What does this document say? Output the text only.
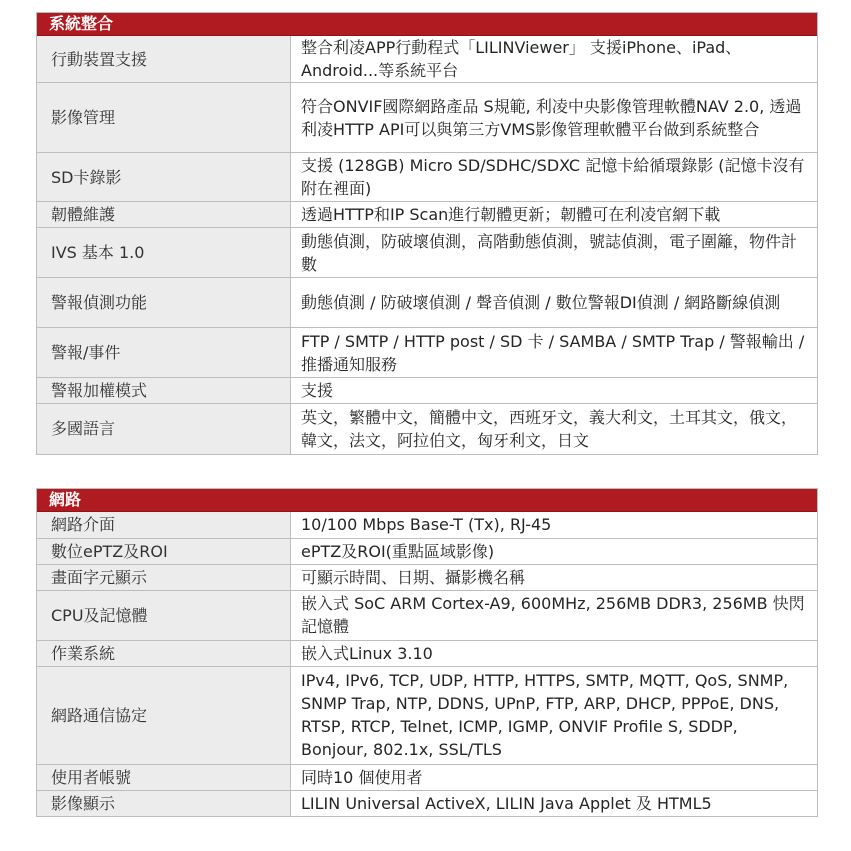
系統整合
行動裝置支援	整合利凌APP行動程式「LILINViewer」 支援iPhone、iPad、Android...等系統平台
影像管理	符合ONVIF國際網路產品 S規範, 利凌中央影像管理軟體NAV 2.0, 透過利凌HTTP API可以與第三方VMS影像管理軟體平台做到系統整合
SD卡錄影	支援 (128GB) Micro SD/SDHC/SDXC 記憶卡給循環錄影 (記憶卡沒有附在裡面)
韌體維護	透過HTTP和IP Scan進行韌體更新；韌體可在利凌官網下載
IVS 基本 1.0	動態偵測，防破壞偵測，高階動態偵測，號誌偵測，電子圍籬，物件計數
警報偵測功能	動態偵測 / 防破壞偵測 / 聲音偵測 / 數位警報DI偵測 / 網路斷線偵測
警報/事件	FTP / SMTP / HTTP post / SD 卡 / SAMBA / SMTP Trap / 警報輸出 / 推播通知服務
警報加權模式	支援
多國語言	英文，繁體中文，簡體中文，西班牙文，義大利文，土耳其文，俄文，韓文，法文，阿拉伯文，匈牙利文，日文
網路
網路介面	10/100 Mbps Base-T (Tx), RJ-45
數位ePTZ及ROI	ePTZ及ROI(重點區域影像)
畫面字元顯示	可顯示時間、日期、攝影機名稱
CPU及記憶體	嵌入式 SoC ARM Cortex-A9, 600MHz, 256MB DDR3, 256MB 快閃記憶體
作業系統	嵌入式Linux 3.10
網路通信協定	IPv4, IPv6, TCP, UDP, HTTP, HTTPS, SMTP, MQTT, QoS, SNMP, SNMP Trap, NTP, DDNS, UPnP, FTP, ARP, DHCP, PPPoE, DNS, RTSP, RTCP, Telnet, ICMP, IGMP, ONVIF Profile S, SDDP, Bonjour, 802.1x, SSL/TLS
使用者帳號	同時10 個使用者
影像顯示	LILIN Universal ActiveX, LILIN Java Applet 及 HTML5
